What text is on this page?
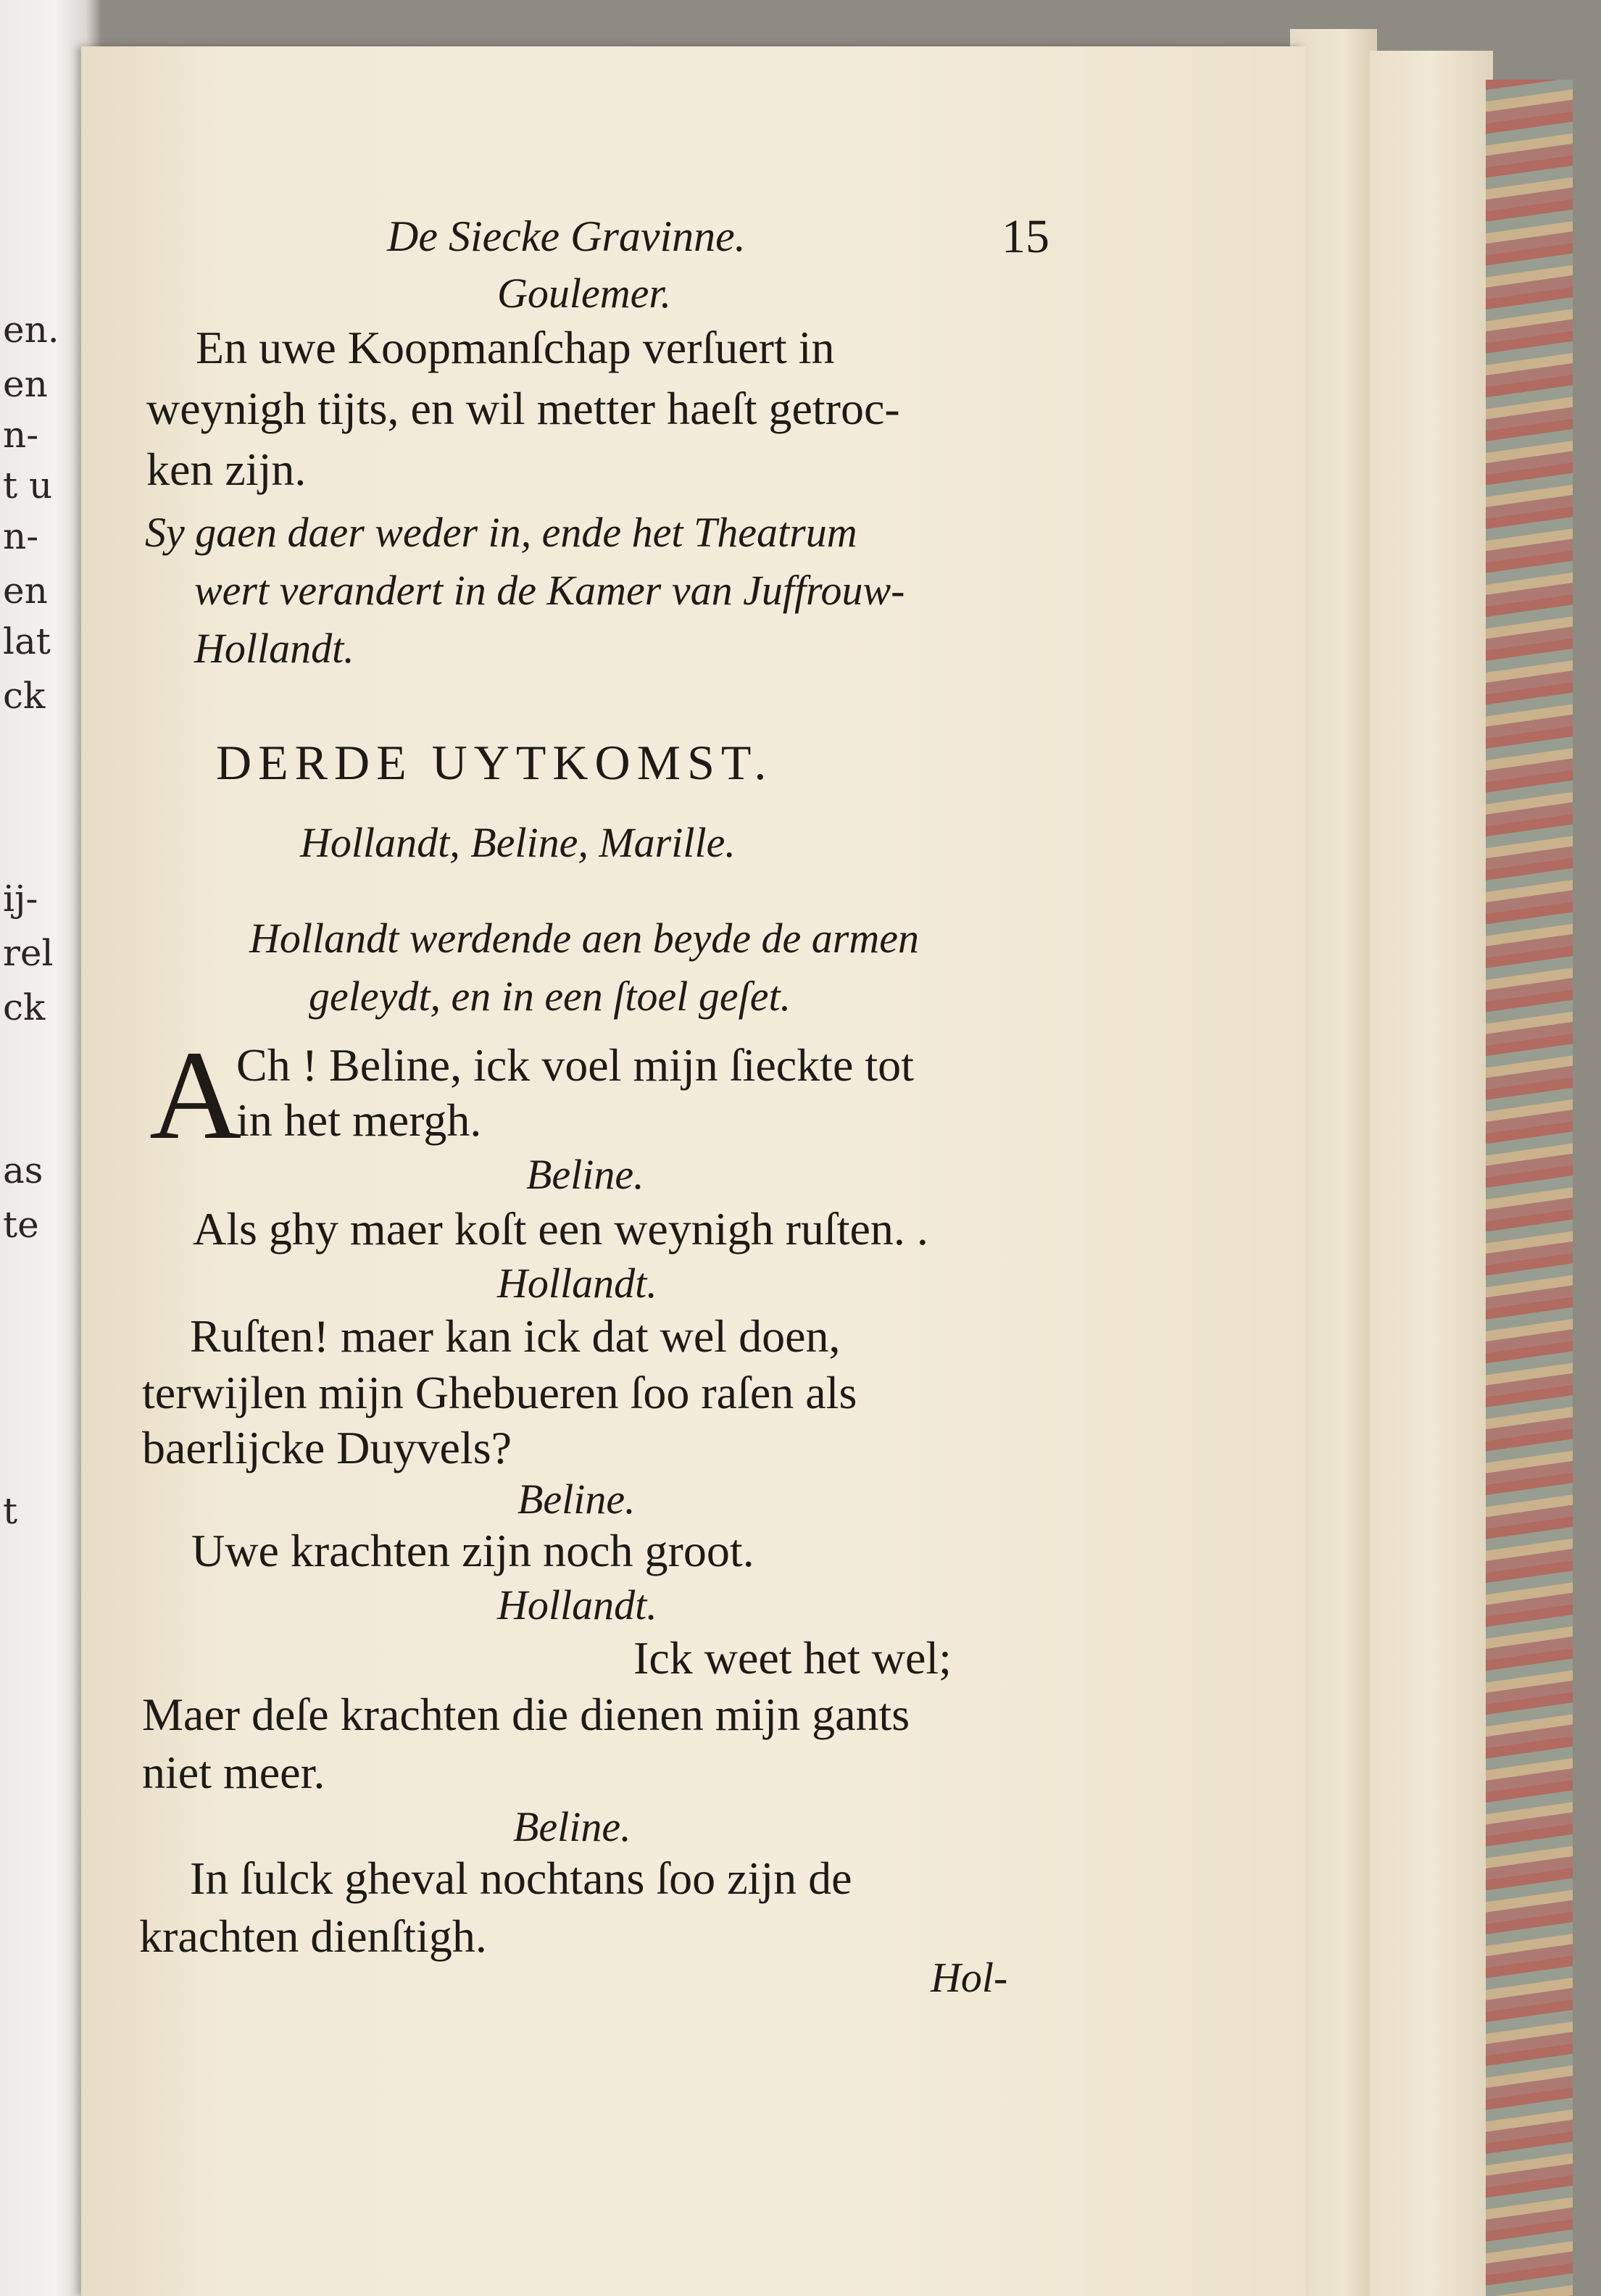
en.
en
n-
t u
n-
en
lat
ck
ij-
rel
ck
as
te
t
De Siecke Gravinne.	15
Goulemer.
En uwe Koopmanſchap verſuert in
weynigh tijts, en wil metter haeſt getroc-
ken zijn.
Sy gaen daer weder in, ende het Theatrum
wert verandert in de Kamer van Juffrouw-
Hollandt.
DERDE UYTKOMST.
Hollandt, Beline, Marille.
Hollandt werdende aen beyde de armen
geleydt, en in een ſtoel geſet.
A
Ch ! Beline, ick voel mijn ſieckte tot
in het mergh.
Beline.
Als ghy maer koſt een weynigh ruſten. .
Hollandt.
Ruſten! maer kan ick dat wel doen,
terwijlen mijn Ghebueren ſoo raſen als
baerlijcke Duyvels?
Beline.
Uwe krachten zijn noch groot.
Hollandt.
Ick weet het wel;
Maer deſe krachten die dienen mijn gants
niet meer.
Beline.
In ſulck gheval nochtans ſoo zijn de
krachten dienſtigh.
Hol-
